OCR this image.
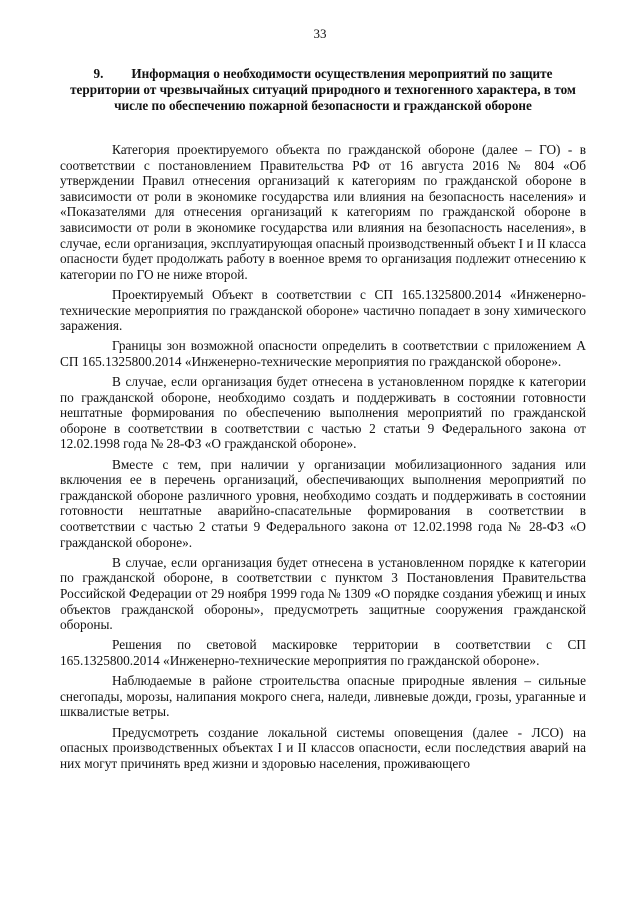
33
9. Информация о необходимости осуществления мероприятий по защите территории от чрезвычайных ситуаций природного и техногенного характера, в том числе по обеспечению пожарной безопасности и гражданской обороне

Категория проектируемого объекта по гражданской обороне (далее – ГО) - в соответствии с постановлением Правительства РФ от 16 августа 2016 № 804 «Об утверждении Правил отнесения организаций к категориям по гражданской обороне в зависимости от роли в экономике государства или влияния на безопасность населения» и «Показателями для отнесения организаций к категориям по гражданской обороне в зависимости от роли в экономике государства или влияния на безопасность населения», в случае, если организация, эксплуатирующая опасный производственный объект I и II класса опасности будет продолжать работу в военное время то организация подлежит отнесению к категории по ГО не ниже второй.

Проектируемый Объект в соответствии с СП 165.1325800.2014 «Инженерно-технические мероприятия по гражданской обороне» частично попадает в зону химического заражения.

Границы зон возможной опасности определить в соответствии с приложением А СП 165.1325800.2014 «Инженерно-технические мероприятия по гражданской обороне».

В случае, если организация будет отнесена в установленном порядке к категории по гражданской обороне, необходимо создать и поддерживать в состоянии готовности нештатные формирования по обеспечению выполнения мероприятий по гражданской обороне в соответствии в соответствии с частью 2 статьи 9 Федерального закона от 12.02.1998 года № 28-ФЗ «О гражданской обороне».

Вместе с тем, при наличии у организации мобилизационного задания или включения ее в перечень организаций, обеспечивающих выполнения мероприятий по гражданской обороне различного уровня, необходимо создать и поддерживать в состоянии готовности нештатные аварийно-спасательные формирования в соответствии в соответствии с частью 2 статьи 9 Федерального закона от 12.02.1998 года № 28-ФЗ «О гражданской обороне».

В случае, если организация будет отнесена в установленном порядке к категории по гражданской обороне, в соответствии с пунктом 3 Постановления Правительства Российской Федерации от 29 ноября 1999 года № 1309 «О порядке создания убежищ и иных объектов гражданской обороны», предусмотреть защитные сооружения гражданской обороны.

Решения по световой маскировке территории в соответствии с СП 165.1325800.2014 «Инженерно-технические мероприятия по гражданской обороне».

Наблюдаемые в районе строительства опасные природные явления – сильные снегопады, морозы, налипания мокрого снега, наледи, ливневые дожди, грозы, ураганные и шквалистые ветры.

Предусмотреть создание локальной системы оповещения (далее - ЛСО) на опасных производственных объектах I и II классов опасности, если последствия аварий на них могут причинять вред жизни и здоровью населения, проживающего
